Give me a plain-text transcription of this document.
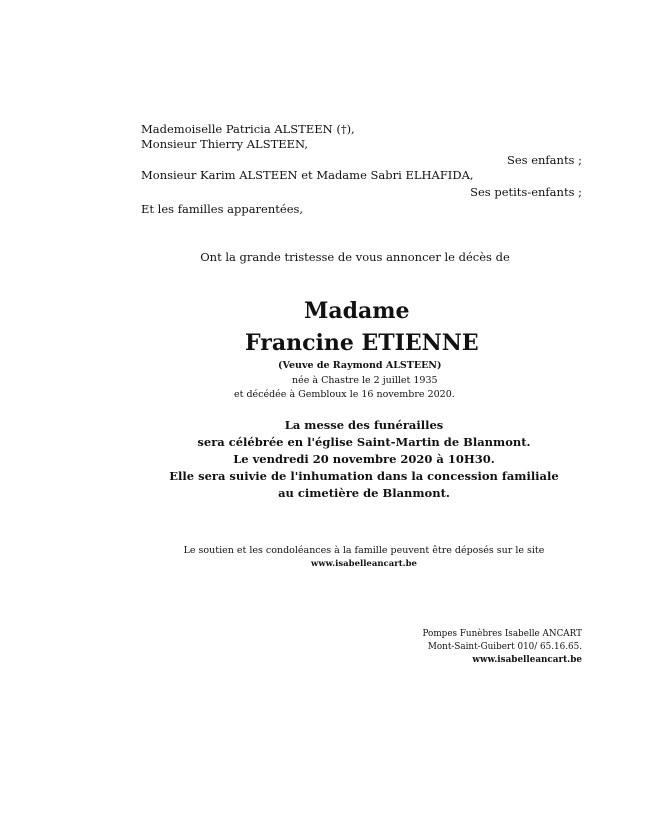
Mademoiselle Patricia ALSTEEN (†),
Monsieur Thierry ALSTEEN,
Ses enfants ;
Monsieur Karim ALSTEEN et Madame Sabri ELHAFIDA,
Ses petits-enfants ;
Et les familles apparentées,
Ont la grande tristesse de vous annoncer le décès de
Madame
Francine ETIENNE
(Veuve de Raymond ALSTEEN)
née à Chastre le 2 juillet 1935
et décédée à Gembloux le 16 novembre 2020.
La messe des funérailles
sera célébrée en l'église Saint-Martin de Blanmont.
Le vendredi 20 novembre 2020 à 10H30.
Elle sera suivie de l'inhumation dans la concession familiale
au cimetière de Blanmont.
Le soutien et les condoléances à la famille peuvent être déposés sur le site
www.isabelleancart.be
Pompes Funèbres Isabelle ANCART
Mont-Saint-Guibert 010/ 65.16.65.
www.isabelleancart.be
